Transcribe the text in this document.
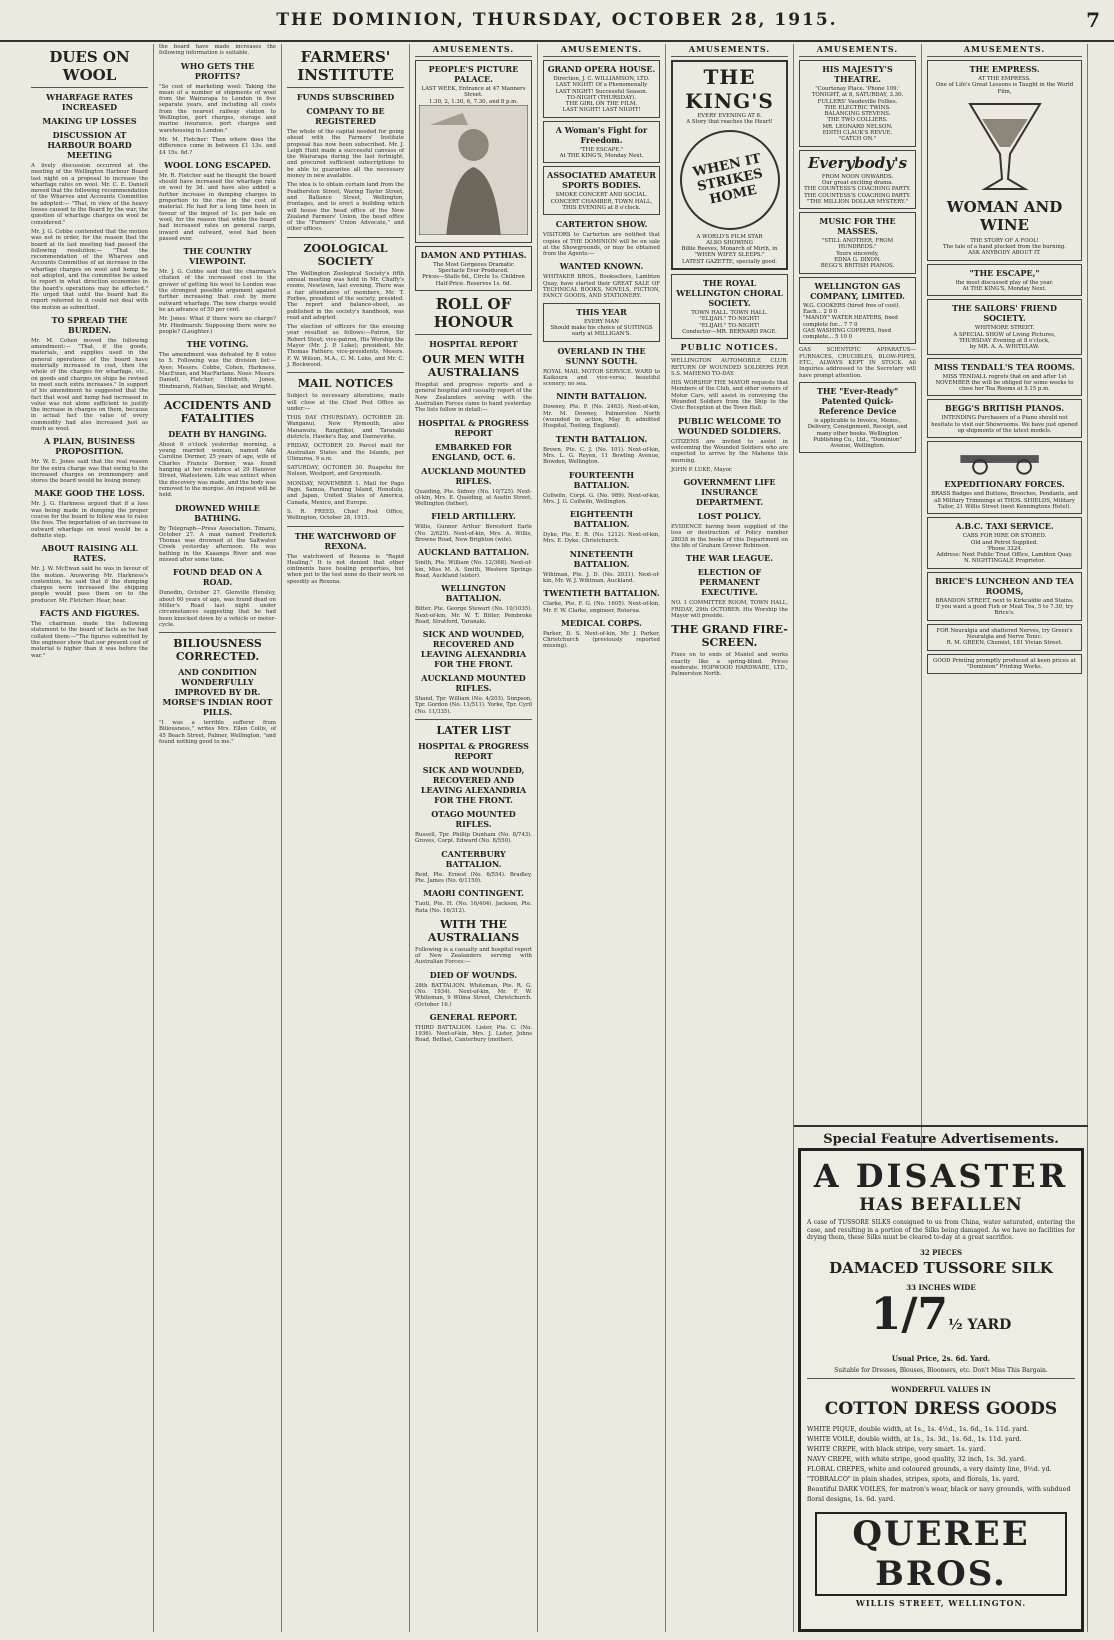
THE DOMINION, THURSDAY, OCTOBER 28, 1915.	7
DUES ON WOOL
WHARFAGE RATES INCREASED
MAKING UP LOSSES
DISCUSSION AT HARBOUR BOARD MEETING

A lively discussion occurred at the meeting of the Wellington Harbour Board last night on a proposal to increase the wharfage rates on wool. Mr. C. E. Daniell moved that the following recommendation of the Wharves and Accounts Committee be adopted:— "That, in view of the heavy losses caused to the Board by the war, the question of wharfage charges on wool be considered."

Mr. J. G. Cobbe contended that the motion was not in order, for the reason that the board at its last meeting had passed the following resolution:— "That the recommendation of the Wharves and Accounts Committee of an increase in the wharfage charges on wool and hemp be not adopted, and the committee be asked to report in what direction economies in the board's operations may be effected." He urged that until the board had its report referred to it could not deal with the motion as submitted.

TO SPREAD THE BURDEN.

Mr. M. Cohen moved the following amendment:— "That, if the goods, materials, and supplies used in the general operations of the board have materially increased in cost, then the whole of the charges for wharfage, etc., on goods and charges on ships be revised to meet such extra increases." In support of his amendment he suggested that the fact that wool and hemp had increased in value was not alone sufficient to justify the increase in charges on them, because in actual fact the value of every commodity had also increased just as much as wool.

A PLAIN, BUSINESS PROPOSITION.

Mr. W. E. Jones said that the real reason for the extra charge was that owing to the increased charges on ironmongery and stores the board would be losing money.

MAKE GOOD THE LOSS.

Mr. J. G. Harkness argued that if a loss was being made in dumping the proper course for the board to follow was to raise the fees. The importation of an increase in outward wharfage on wool would be a definite step.

ABOUT RAISING ALL RATES.

Mr. J. W. McEwan said he was in favour of the motion. Answering Mr. Harkness's contention, he said that if the dumping charges were increased the shipping people would pass them on to the producer. Mr. Fletcher: Hear, hear.

FACTS AND FIGURES.

The chairman made the following statement to the board of facts as he had collated them:—"The figures submitted by the engineer show that our present cost of material is higher than it was before the war."

the board have made increases the following information is suitable.

WHO GETS THE PROFITS?

"So cost of marketing wool: Taking the mean of a number of shipments of wool from the Wairarapa to London in five separate years, and including all costs from the nearest railway station to Wellington, port charges, storage and marine insurance, port charges and warehousing in London."

Mr. M. Fletcher: Then where does the difference come in between £1 13s. and £4 15s. 6d.?

WOOL LONG ESCAPED.

Mr. R. Fletcher said he thought the board should have increased the wharfage rate on wool by 3d. and have also added a further increase in dumping charges in proportion to the rise in the cost of material. He had for a long time been in favour of the impost of 1s. per bale on wool, for the reason that while the board had increased rates on general cargo, inward and outward, wool had been passed over.

THE COUNTRY VIEWPOINT.

Mr. J. G. Cobbe said that the chairman's citation of the increased cost to the grower of getting his wool to London was the strongest possible argument against further increasing that cost by more outward wharfage. The new charge would be an advance of 50 per cent.

Mr. Jones: What if there were no charge? Mr. Hindmarsh: Supposing there were no people? (Laughter.)

THE VOTING.

The amendment was defeated by 8 votes to 5. Following was the division list:— Ayes: Messrs. Cobbe, Cohen, Harkness, MacEwan, and MacFarlane. Noes: Messrs. Daniell, Fletcher, Hildreth, Jones, Hindmarsh, Nathan, Sinclair, and Wright.

ACCIDENTS AND FATALITIES
DEATH BY HANGING.

About 6 o'clock yesterday morning, a young married woman, named Ada Caroline Dormer, 25 years of age, wife of Charles Francis Dormer, was found hanging at her residence at 29 Hanover Street, Wadestown. Life was extinct when the discovery was made, and the body was removed to the morgue. An inquest will be held.

DROWNED WHILE BATHING.

By Telegraph—Press Association. Timaru, October 27. A man named Frederick Thomas was drowned at the Saltwater Creek yesterday afternoon. He was bathing in the Kaaanga River and was missed after some time.

FOUND DEAD ON A ROAD.

Dunedin, October 27. Glenville Hensley, about 60 years of age, was found dead on Miller's Road last night under circumstances suggesting that he had been knocked down by a vehicle or motor-cycle.

BILIOUSNESS CORRECTED.
AND CONDITION WONDERFULLY IMPROVED BY DR. MORSE'S INDIAN ROOT PILLS.

"I was a terrible sufferer from Biliousness," writes Mrs. Ellen Collis, of 45 Beach Street, Palmer, Wellington, "and found nothing good to me."

FARMERS' INSTITUTE
FUNDS SUBSCRIBED
COMPANY TO BE REGISTERED

The whole of the capital needed for going ahead with the Farmers' Institute proposal has now been subscribed. Mr. J. Leigh Hunt made a successful canvass of the Wairarapa during the last fortnight, and procured sufficient subscriptions to be able to guarantee all the necessary money in new available.

The idea is to obtain certain land from the Featherston Street, Waring Taylor Street, and Ballance Street, Wellington, frontages, and to erect a building which will house the head office of the New Zealand Farmers' Union, the head office of the "Farmers' Union Advocate," and other offices.

ZOOLOGICAL SOCIETY

The Wellington Zoological Society's fifth annual meeting was held in Mr. Chaffy's rooms, Newtown, last evening. There was a fair attendance of members, Mr. T. Forbes, president of the society, presided. The report and balance-sheet, as published in the society's handbook, was read and adopted.

The election of officers for the ensuing year resulted as follows:—Patron, Sir Robert Stout; vice-patron, His Worship the Mayor (Mr. J. P. Luke); president, Mr. Thomas Fathers; vice-presidents, Messrs. F. W. Wilson, M.A., C. M. Luke, and Mr. C. J. Rockwood.

MAIL NOTICES

Subject to necessary alterations, mails will close at the Chief Post Office as under:—

THIS DAY (THURSDAY), OCTOBER 28. Wanganui, New Plymouth, also Manawatu, Rangitikei, and Taranaki districts, Hawke's Bay, and Dannevirke.

FRIDAY, OCTOBER 29. Parcel mail for Australian States and the Islands, per Ulimaroa, 9 a.m.

SATURDAY, OCTOBER 30. Ruapehu for Nelson, Westport, and Greymouth.

MONDAY, NOVEMBER 1. Mail for Pago Pago, Samoa, Fanning Island, Honolulu, and Japan, United States of America, Canada, Mexico, and Europe.

S. R. FREED, Chief Post Office, Wellington, October 28, 1915.

THE WATCHWORD OF REXONA.

The watchword of Rexona is "Rapid Healing." It is not denied that other ointments have healing properties, but when put to the test none do their work so speedily as Rexona.

AMUSEMENTS.
PEOPLE'S PICTURE PALACE.
LAST WEEK, Entrance at 47 Manners Street.
1.30, 2, 1.30, 6, 7.30, and 8 p.m.
DAMON AND PYTHIAS.
The Most Gorgeous Dramatic Spectacle Ever Produced.
Prices—Stalls 6d., Circle 1s. Children Half-Price. Reserves 1s. 6d.
ROLL OF HONOUR
HOSPITAL REPORT
OUR MEN WITH AUSTRALIANS

Hospital and progress reports and a general hospital and casualty report of the New Zealanders serving with the Australian Forces came to hand yesterday. The lists follow in detail:—

HOSPITAL & PROGRESS REPORT
EMBARKED FOR ENGLAND, OCT. 6.
AUCKLAND MOUNTED RIFLES.

Quaiding, Pte. Sidney (No. 10/725). Next-of-kin, Mrs. E. Quaiding, at Austin Street, Wellington (father).

FIELD ARTILLERY.

Willis, Gunner Arthur Beresford Earle (No. 2/629). Next-of-kin, Mrs. A. Willis, Browne Road, New Brighton (wife).

AUCKLAND BATTALION.

Smith, Pte. William (No. 12/368). Next-of-kin, Miss M. A. Smith, Western Springs Road, Auckland (sister).

WELLINGTON BATTALION.

Bitter, Pte. George Stewart (No. 10/1035). Next-of-kin, Mr. W. T. Bitter, Pembroke Road, Stratford, Taranaki.

SICK AND WOUNDED, RECOVERED AND LEAVING ALEXANDRIA FOR THE FRONT.
AUCKLAND MOUNTED RIFLES.

Shand, Tpr. William (No. 4/203). Simpson, Tpr. Gordon (No. 11/511). Yorke, Tpr. Cyril (No. 11/335).

LATER LIST
HOSPITAL & PROGRESS REPORT
SICK AND WOUNDED, RECOVERED AND LEAVING ALEXANDRIA FOR THE FRONT.
OTAGO MOUNTED RIFLES.

Russell, Tpr. Phillip Dunham (No. 8/743). Groves, Corpl. Edward (No. 8/550).

CANTERBURY BATTALION.

Reid, Pte. Ernest (No. 6/554). Bradley, Pte. James (No. 6/1150).

MAORI CONTINGENT.

Tuoti, Pte. H. (No. 16/404). Jackson, Pte. Rata (No. 16/312).

WITH THE AUSTRALIANS

Following is a casualty and hospital report of New Zealanders serving with Australian Forces:—

DIED OF WOUNDS.

28th BATTALION. Whiteman, Pte. R. G. (No. 1934). Next-of-kin, Mr. F. W. Whiteman, 9 Wilma Street, Christchurch. (October 16.)

GENERAL REPORT.

THIRD BATTALION. Lister, Pte. C. (No. 1936). Next-of-kin, Mrs. J. Lister, Johns Road, Belfast, Canterbury (mother).

AMUSEMENTS.
GRAND OPERA HOUSE.
Direction, J. C. WILLIAMSON, LTD.
LAST NIGHT! Of a Phenomenally
LAST NIGHT! Successful Season.
TO-NIGHT (THURSDAY).
THE GIRL ON THE FILM.
LAST NIGHT! LAST NIGHT!
A Woman's Fight for Freedom.
"THE ESCAPE."
At THE KING'S, Monday Next.
ASSOCIATED AMATEUR SPORTS BODIES.
SMOKE CONCERT AND SOCIAL.
CONCERT CHAMBER, TOWN HALL,
THIS EVENING at 8 o'clock.
CARTERTON SHOW.

VISITORS to Carterton are notified that copies of THE DOMINION will be on sale at the Showgrounds, or may be obtained from the Agents:—

WANTED KNOWN.

WHITAKER BROS., Booksellers, Lambton Quay, have started their GREAT SALE OF TECHNICAL BOOKS, NOVELS, FICTION, FANCY GOODS, AND STATIONERY.

THIS YEAR
EVERY MAN
Should make his choice of SUITINGS early at MILLIGAN'S.
OVERLAND IN THE SUNNY SOUTH.

ROYAL MAIL MOTOR SERVICE. WARD to Kaikoura and vice-versa; beautiful scenery; no sea.

NINTH BATTALION.

Downey, Pte. P. (No. 2463). Next-of-kin, Mr. M. Downey, Palmerston North (wounded in action, May 8; admitted Hospital, Tooting, England).

TENTH BATTALION.

Brown, Pte. C. J. (No. 101). Next-of-kin, Mrs. L. G. Reyen, 11 Bowling Avenue, Bowden, Wellington.

FOURTEENTH BATTALION.

Collwiln, Corpl. G. (No. 989). Next-of-kin, Mrs. J. G. Collwiln, Wellington.

EIGHTEENTH BATTALION.

Dyke, Pte. E. R. (No. 1212). Next-of-kin, Mrs. E. Dyke, Christchurch.

NINETEENTH BATTALION.

Wihtman, Pte. J. D. (No. 2031). Next-of-kin, Mr. W. J. Wihtman, Auckland.

TWENTIETH BATTALION.

Clarke, Pte. F. G. (No. 1605). Next-of-kin, Mr. F. W. Clarke, engineer, Rotorua.

MEDICAL CORPS.

Parker, D. S. Next-of-kin, Mr. J. Parker, Christchurch (previously reported missing).

AMUSEMENTS.
THE KING'S
EVERY EVENING AT 8.
A Story that reaches the Heart!
WHEN IT STRIKES HOME
A WORLD'S FILM STAR
ALSO SHOWING
Billie Reeves, Monarch of Mirth, in
"WHEN WIFEY SLEEPS."
LATEST GAZETTE, specially good.
THE ROYAL WELLINGTON CHORAL SOCIETY.
TOWN HALL. TOWN HALL.
"ELIJAH." TO-NIGHT!
"ELIJAH." TO-NIGHT!
Conductor—MR. BERNARD PAGE.
PUBLIC NOTICES.

WELLINGTON AUTOMOBILE CLUB. RETURN OF WOUNDED SOLDIERS PER S.S. MAHENO TO-DAY.

HIS WORSHIP THE MAYOR requests that Members of the Club, and other owners of Motor Cars, will assist in conveying the Wounded Soldiers from the Ship to the Civic Reception at the Town Hall.

PUBLIC WELCOME TO WOUNDED SOLDIERS.

CITIZENS are invited to assist in welcoming the Wounded Soldiers who are expected to arrive by the Maheno this morning.

JOHN P. LUKE, Mayor.

GOVERNMENT LIFE INSURANCE DEPARTMENT.
LOST POLICY.

EVIDENCE having been supplied of the loss or destruction of Policy number 28038 in the books of this Department on the life of Graham Grover Robinson.

THE WAR LEAGUE.
ELECTION OF PERMANENT EXECUTIVE.

NO. 1 COMMITTEE ROOM, TOWN HALL, FRIDAY, 29th OCTOBER. His Worship the Mayor will preside.

THE GRAND FIRE-SCREEN.

Fixes on to ends of Mantel and works exactly like a spring-blind. Prices moderate. HOPWOOD HARDWARE, LTD., Palmerston North.

AMUSEMENTS.
HIS MAJESTY'S THEATRE.
"Courtenay Place. 'Phone 109.'
TONIGHT, at 8, SATURDAY, 3.30.
FULLERS' Vaudeville Follies.
THE ELECTRIC TWINS.
BALANCING STEVENS.
THE TWO COLLIERS.
MR. LEONARD NELSON.
EDITH CLAUK'S REVUE.
"CATCH ON."
Everybody's
FROM NOON ONWARDS.
Our great exciting drama.
THE COUNTESS'S COACHING PARTY.
THE COUNTESS'S COACHING PARTY.
"THE MILLION DOLLAR MYSTERY."
MUSIC FOR THE MASSES.
"STILL ANOTHER, FROM HUNDREDS."
Yours sincerely,
EDNA G. DIXON.
BEGG'S BRITISH PIANOS.
WELLINGTON GAS COMPANY, LIMITED.
W.G. COOKERS (hired free of cost). Each... 2 0 0
"MANDY" WATER HEATERS, fixed complete for... 7 7 0
GAS WASHING COPPERS, fixed complete... 5 10 0

GAS SCIENTIFIC APPARATUS—FURNACES, CRUCIBLES, BLOW-PIPES, ETC., ALWAYS KEPT IN STOCK. All Inquiries addressed to the Secretary will have prompt attention.

THE "Ever-Ready" Patented Quick-Reference Device
is applicable to Invoice, Memo., Delivery, Consignment, Receipt, and many other books. Wellington Publishing Co., Ltd., "Dominion" Avenue, Wellington.
AMUSEMENTS.
THE EMPRESS.
AT THE EMPRESS.
One of Life's Great Lessons is Taught in the World Film,
WOMAN AND WINE
THE STORY OF A FOOL!
The tale of a hand plucked from the burning.
ASK ANYBODY ABOUT IT.
"THE ESCAPE,"
the most discussed play of the year.
At THE KING'S, Monday Next.
THE SAILORS' FRIEND SOCIETY.
WHITMORE STREET.
A SPECIAL SHOW of Living Pictures,
THURSDAY Evening at 8 o'clock,
by MR. A. A. WHITELAW.
MISS TENDALL'S TEA ROOMS.
MISS TENDALL regrets that on and after 1st NOVEMBER the will be obliged for some weeks to close her Tea Rooms at 5.15 p.m.
BEGG'S BRITISH PIANOS.
INTENDING Purchasers of a Piano should not hesitate to visit our Showrooms. We have just opened up shipments of the latest models.
EXPEDITIONARY FORCES.
BRASS Badges and Buttons, Brooches, Pendants, and all Military Trimmings at THOS. SHIELDS, Military Tailor, 21 Willis Street (next Kenningtons Hotel).
A.B.C. TAXI SERVICE.
CABS FOR HIRE OR STORED.
Old and Petrol Supplied.
'Phone 3324.
Address: Next Public Trust Office, Lambton Quay.
N. NIGHTINGALE Proprietor.
BRICE'S LUNCHEON AND TEA ROOMS,
BRANDON STREET, next to Kirkcaldie and Stains.
If you want a good Fish or Meat Tea, 5 to 7.30, try Brice's.
FOR Neuralgia and shattered Nerves, try Green's Neuralgia and Nerve Tonic.
R. M. GREEN, Chemist, 181 Vivian Street.
GOOD Printing promptly produced at keen prices at "Dominion" Printing Works.
Special Feature Advertisements.
A DISASTER
HAS BEFALLEN
A case of TUSSORE SILKS consigned to us from China, water saturated, entering the case, and resulting in a portion of the Silks being damaged. As we have no facilities for drying them, these Silks must be cleared to-day at a great sacrifice.
32 PIECES
DAMACED TUSSORE SILK
33 INCHES WIDE
1/7½ YARD
Usual Price, 2s. 6d. Yard.
Suitable for Dresses, Blouses, Bloomers, etc. Don't Miss This Bargain.
WONDERFUL VALUES IN
COTTON DRESS GOODS
WHITE PIQUE, double width, at 1s., 1s. 4½d., 1s. 6d., 1s. 11d. yard.
WHITE VOILE, double width, at 1s., 1s. 3d., 1s. 6d., 1s. 11d. yard.
WHITE CREPE, with black stripe, very smart. 1s. yard.
NAVY CREPE, with white stripe, good quality, 32 inch, 1s. 3d. yard.
FLORAL CREPES, white and coloured grounds, a very dainty line, 9½d. yd.
"TOBRALCO" in plain shades, stripes, spots, and florals, 1s. yard.
Beautiful DARK VOILES, for matron's wear, black or navy grounds, with subdued floral designs, 1s. 6d. yard.
QUEREE BROS.
WILLIS STREET, WELLINGTON.
